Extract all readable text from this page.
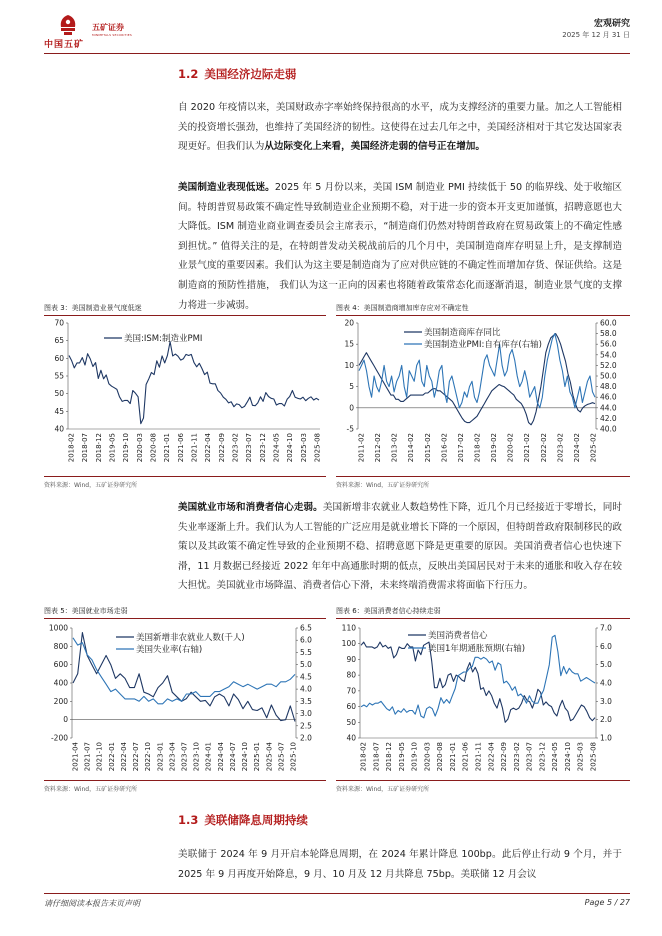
中国五矿
五矿证券
MINMETALS SECURITIES
宏观研究
2025 年 12 月 31 日
1.2 美国经济边际走弱
自 2020 年疫情以来，美国财政赤字率始终保持很高的水平，成为支撑经济的重要力量。加之人工智能相关的投资增长强劲，也维持了美国经济的韧性。这使得在过去几年之中，美国经济相对于其它发达国家表现更好。但我们认为从边际变化上来看，美国经济走弱的信号正在增加。
美国制造业表现低迷。2025 年 5 月份以来，美国 ISM 制造业 PMI 持续低于 50 的临界线、处于收缩区间。特朗普贸易政策不确定性导致制造业企业预期不稳，对于进一步的资本开支更加谨慎，招聘意愿也大大降低。ISM 制造业商业调查委员会主席表示，“制造商们仍然对特朗普政府在贸易政策上的不确定性感到担忧。” 值得关注的是，在特朗普发动关税战前后的几个月中，美国制造商库存明显上升，是支撑制造业景气度的重要因素。我们认为这主要是制造商为了应对供应链的不确定性而增加存货、保证供给。这是制造商的预防性措施， 我们认为这一正向的因素也将随着政策常态化而逐渐消退，制造业景气度的支撑力将进一步减弱。
图表 3：美国制造业景气度低迷
40
45
50
55
60
65
70
2018-02 2018-07 2018-12 2019-05 2019-10 2020-03 2020-08 2021-01 2021-06 2021-11 2022-04 2022-09 2023-02 2023-07 2023-12 2024-05 2024-10 2025-03 2025-08
美国:ISM:制造业PMI
资料来源：Wind，五矿证券研究所
图表 4：美国制造商增加库存应对不确定性
-5
0
5
10
15
20
40.0
42.0
44.0
46.0
48.0
50.0
52.0
54.0
56.0
58.0
60.0
2011-02 2012-02 2013-02 2014-02 2015-02 2016-02 2017-02 2018-02 2019-02 2020-02 2021-02 2022-02 2023-02 2024-02 2025-02
美国制造商库存同比
美国制造业PMI:自有库存(右轴)
资料来源：Wind，五矿证券研究所
美国就业市场和消费者信心走弱。美国新增非农就业人数趋势性下降，近几个月已经接近于零增长，同时失业率逐渐上升。我们认为人工智能的广泛应用是就业增长下降的一个原因，但特朗普政府限制移民的政策以及其政策不确定性导致的企业预期不稳、招聘意愿下降是更重要的原因。美国消费者信心也快速下滑，11 月数据已经接近 2022 年年中高通胀时期的低点，反映出美国居民对于未来的通胀和收入存在较大担忧。美国就业市场降温、消费者信心下滑，未来终端消费需求将面临下行压力。
图表 5：美国就业市场走弱
-200
0
200
400
600
800
1000
2.0
2.5
3.0
3.5
4.0
4.5
5.0
5.5
6.0
6.5
2021-04 2021-07 2021-10 2022-01 2022-04 2022-07 2022-10 2023-01 2023-04 2023-07 2023-10 2024-01 2024-04 2024-07 2024-10 2025-01 2025-04 2025-07 2025-10
美国新增非农就业人数(千人)
美国失业率(右轴)
资料来源：Wind，五矿证券研究所
图表 6：美国消费者信心持续走弱
40
50
60
70
80
90
100
110
1.0
2.0
3.0
4.0
5.0
6.0
7.0
2018-02 2018-07 2018-12 2019-05 2019-10 2020-03 2020-08 2021-01 2021-06 2021-11 2022-04 2022-09 2023-02 2023-07 2023-12 2024-05 2024-10 2025-03 2025-08
美国消费者信心
美国1年期通胀预期(右轴)
资料来源：Wind，五矿证券研究所
1.3 美联储降息周期持续
美联储于 2024 年 9 月开启本轮降息周期，在 2024 年累计降息 100bp。此后停止行动 9 个月，并于 2025 年 9 月再度开始降息，9 月、10 月及 12 月共降息 75bp。美联储 12 月会议
请仔细阅读本报告末页声明	Page 5 / 27
